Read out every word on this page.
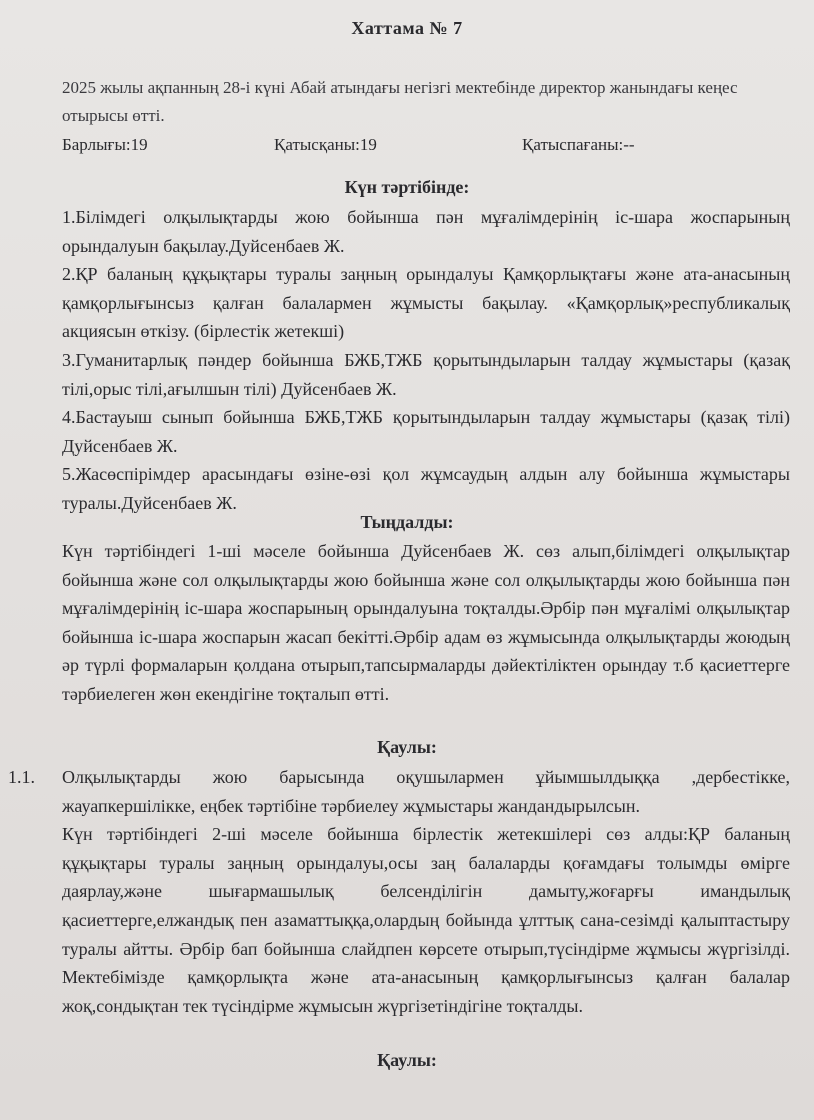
Хаттама № 7
2025 жылы ақпанның 28-і күні Абай атындағы негізгі мектебінде директор жанындағы кеңес отырысы өтті.
Барлығы:19	Қатысқаны:19	Қатыспағаны:--
Күн тәртібінде:

1.Білімдегі олқылықтарды жою бойынша пән мұғалімдерінің іс-шара жоспарының орындалуын бақылау.Дуйсенбаев Ж.

2.ҚР баланың құқықтары туралы заңның орындалуы Қамқорлықтағы және ата-анасының қамқорлығынсыз қалған балалармен жұмысты бақылау. «Қамқорлық»республикалық акциясын өткізу. (бірлестік жетекші)

3.Гуманитарлық пәндер бойынша БЖБ,ТЖБ қорытындыларын талдау жұмыстары (қазақ тілі,орыс тілі,ағылшын тілі) Дуйсенбаев Ж.

4.Бастауыш сынып бойынша БЖБ,ТЖБ қорытындыларын талдау жұмыстары (қазақ тілі) Дуйсенбаев Ж.

5.Жасөспірімдер арасындағы өзіне-өзі қол жұмсаудың алдын алу бойынша жұмыстары туралы.Дуйсенбаев Ж.

Тыңдалды:
Күн тәртібіндегі 1-ші мәселе бойынша Дуйсенбаев Ж. сөз алып,білімдегі олқылықтар бойынша және сол олқылықтарды жою бойынша және сол олқылықтарды жою бойынша пән мұғалімдерінің іс-шара жоспарының орындалуына тоқталды.Әрбір пән мұғалімі олқылықтар бойынша іс-шара жоспарын жасап бекітті.Әрбір адам өз жұмысында олқылықтарды жоюдың әр түрлі формаларын қолдана отырып,тапсырмаларды дәйектіліктен орындау т.б қасиеттерге тәрбиелеген жөн екендігіне тоқталып өтті.
Қаулы:
1.1. Олқылықтарды жою барысында оқушылармен ұйымшылдыққа ,дербестікке, жауапкершілікке, еңбек тәртібіне тәрбиелеу жұмыстары жандандырылсын.

Күн тәртібіндегі 2-ші мәселе бойынша бірлестік жетекшілері сөз алды:ҚР баланың құқықтары туралы заңның орындалуы,осы заң балаларды қоғамдағы толымды өмірге даярлау,және шығармашылық белсенділігін дамыту,жоғарғы имандылық қасиеттерге,елжандық пен азаматтыққа,олардың бойында ұлттық сана-сезімді қалыптастыру туралы айтты. Әрбір бап бойынша слайдпен көрсете отырып,түсіндірме жұмысы жүргізілді. Мектебімізде қамқорлықта және ата-анасының қамқорлығынсыз қалған балалар жоқ,сондықтан тек түсіндірме жұмысын жүргізетіндігіне тоқталды.

Қаулы:
